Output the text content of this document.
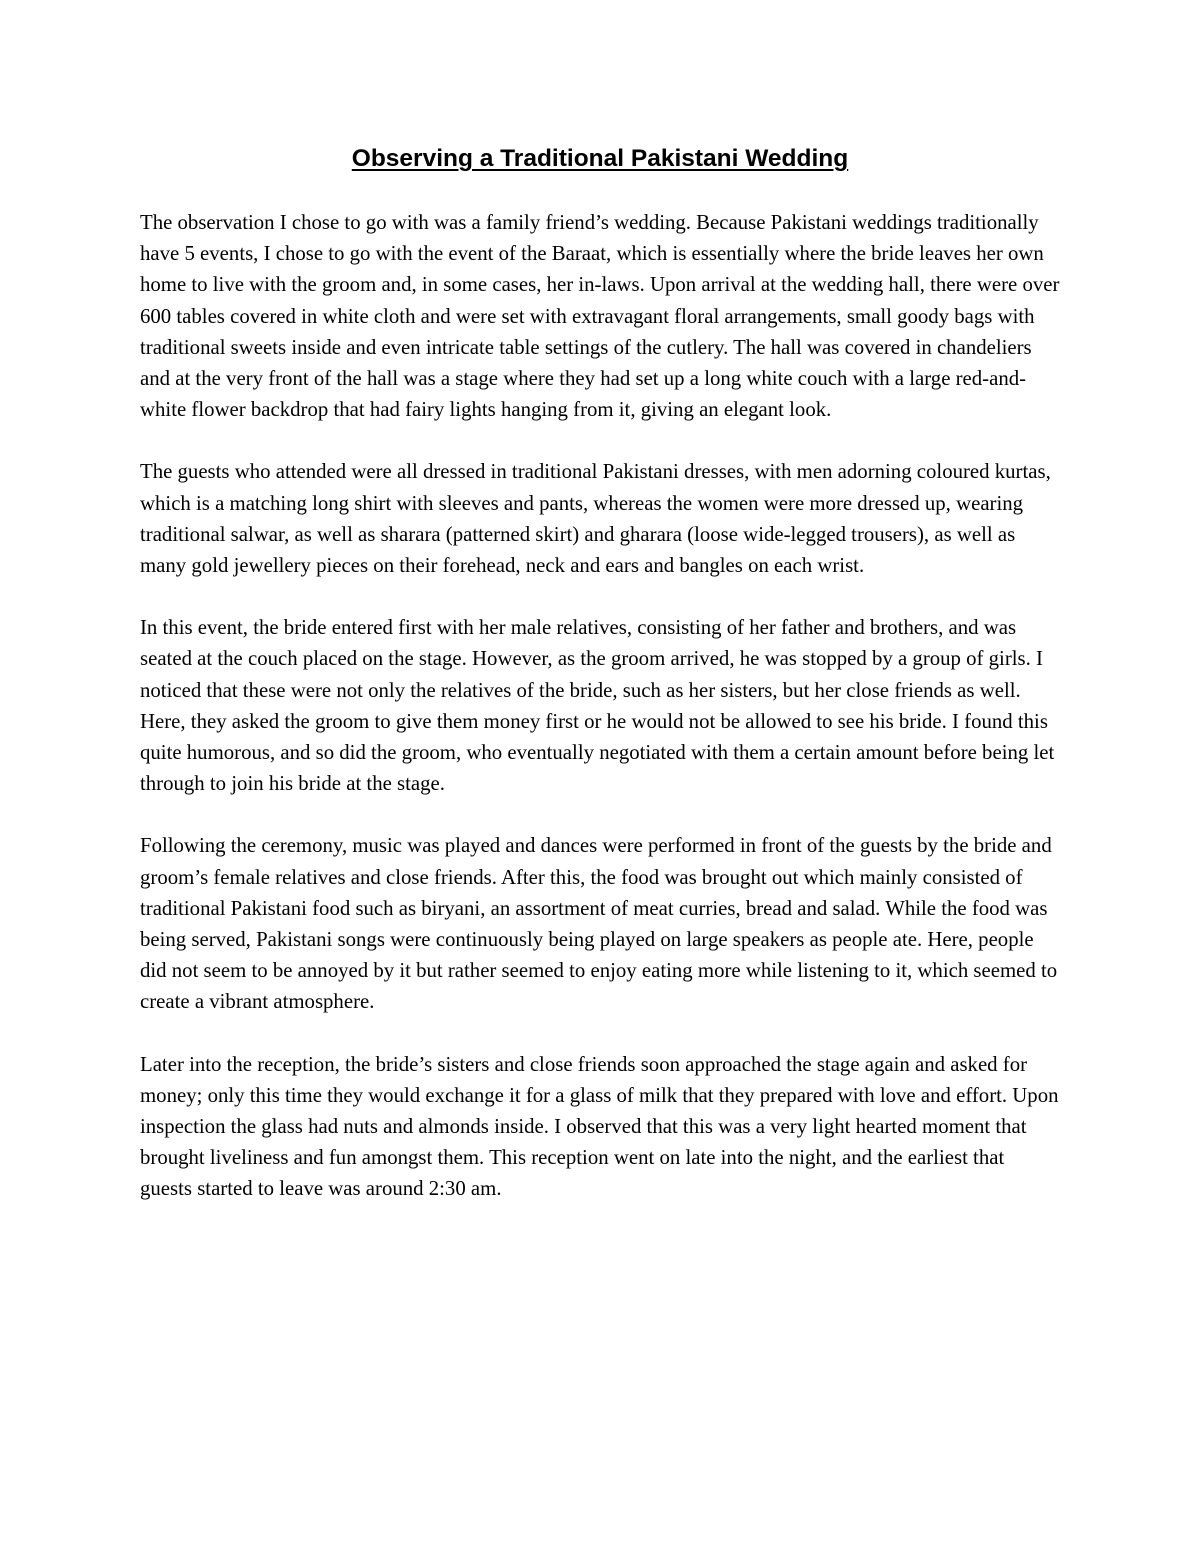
Observing a Traditional Pakistani Wedding

The observation I chose to go with was a family friend’s wedding. Because Pakistani weddings traditionally have 5 events, I chose to go with the event of the Baraat, which is essentially where the bride leaves her own home to live with the groom and, in some cases, her in-laws. Upon arrival at the wedding hall, there were over 600 tables covered in white cloth and were set with extravagant floral arrangements, small goody bags with traditional sweets inside and even intricate table settings of the cutlery. The hall was covered in chandeliers and at the very front of the hall was a stage where they had set up a long white couch with a large red-and-white flower backdrop that had fairy lights hanging from it, giving an elegant look.

The guests who attended were all dressed in traditional Pakistani dresses, with men adorning coloured kurtas, which is a matching long shirt with sleeves and pants, whereas the women were more dressed up, wearing traditional salwar, as well as sharara (patterned skirt) and gharara (loose wide-legged trousers), as well as many gold jewellery pieces on their forehead, neck and ears and bangles on each wrist.

In this event, the bride entered first with her male relatives, consisting of her father and brothers, and was seated at the couch placed on the stage. However, as the groom arrived, he was stopped by a group of girls. I noticed that these were not only the relatives of the bride, such as her sisters, but her close friends as well. Here, they asked the groom to give them money first or he would not be allowed to see his bride. I found this quite humorous, and so did the groom, who eventually negotiated with them a certain amount before being let through to join his bride at the stage.

Following the ceremony, music was played and dances were performed in front of the guests by the bride and groom’s female relatives and close friends. After this, the food was brought out which mainly consisted of traditional Pakistani food such as biryani, an assortment of meat curries, bread and salad. While the food was being served, Pakistani songs were continuously being played on large speakers as people ate. Here, people did not seem to be annoyed by it but rather seemed to enjoy eating more while listening to it, which seemed to create a vibrant atmosphere.

Later into the reception, the bride’s sisters and close friends soon approached the stage again and asked for money; only this time they would exchange it for a glass of milk that they prepared with love and effort. Upon inspection the glass had nuts and almonds inside. I observed that this was a very light hearted moment that brought liveliness and fun amongst them. This reception went on late into the night, and the earliest that guests started to leave was around 2:30 am.
